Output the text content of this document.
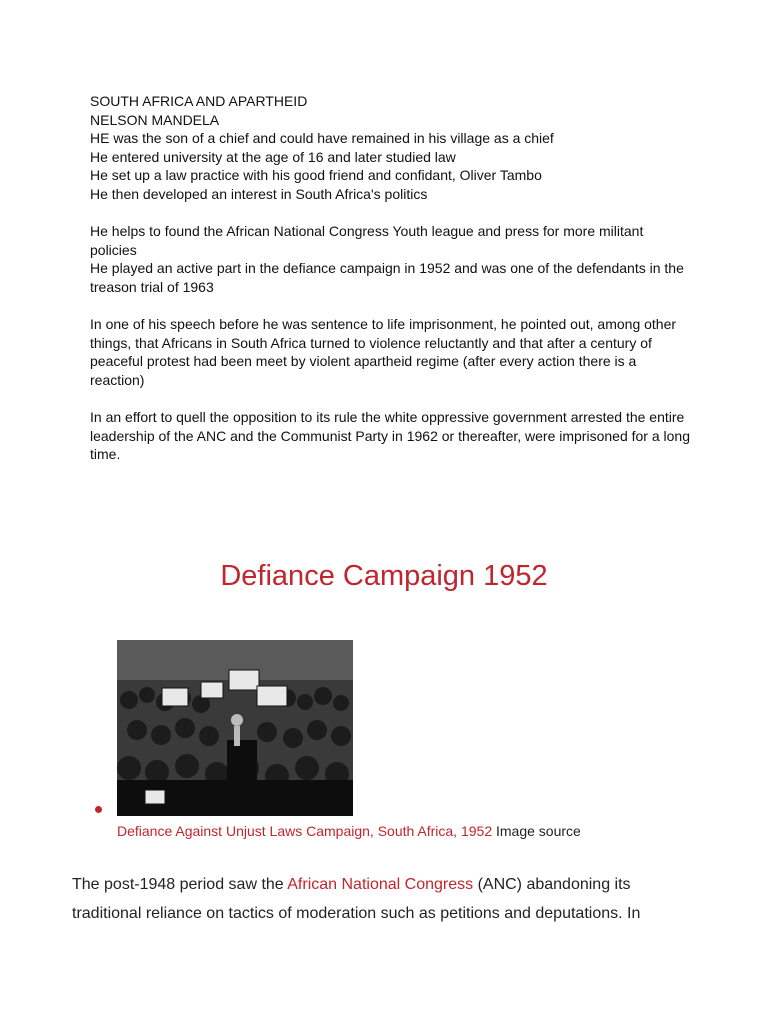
SOUTH AFRICA AND APARTHEID

NELSON MANDELA

HE was the son of a chief and could have remained in his village as a chief

He entered university at the age of 16 and later studied law

He set up a law practice with his good friend and confidant, Oliver Tambo

He then developed an interest in South Africa's politics

He helps to found the African National Congress Youth league and press for more militant policies

He played an active part in the defiance campaign in 1952 and was one of the defendants in the treason trial of 1963

In one of his speech before he was sentence to life imprisonment, he pointed out, among other things, that Africans in South Africa turned to violence reluctantly and that after a century of peaceful protest had been meet by violent apartheid regime (after every action there is a reaction)

In an effort to quell the opposition to its rule the white oppressive government arrested the entire leadership of the ANC and the Communist Party in 1962 or thereafter, were imprisoned for a long time.

Defiance Campaign 1952
Defiance Against Unjust Laws Campaign, South Africa, 1952 Image source

The post-1948 period saw the African National Congress (ANC) abandoning its traditional reliance on tactics of moderation such as petitions and deputations. In
